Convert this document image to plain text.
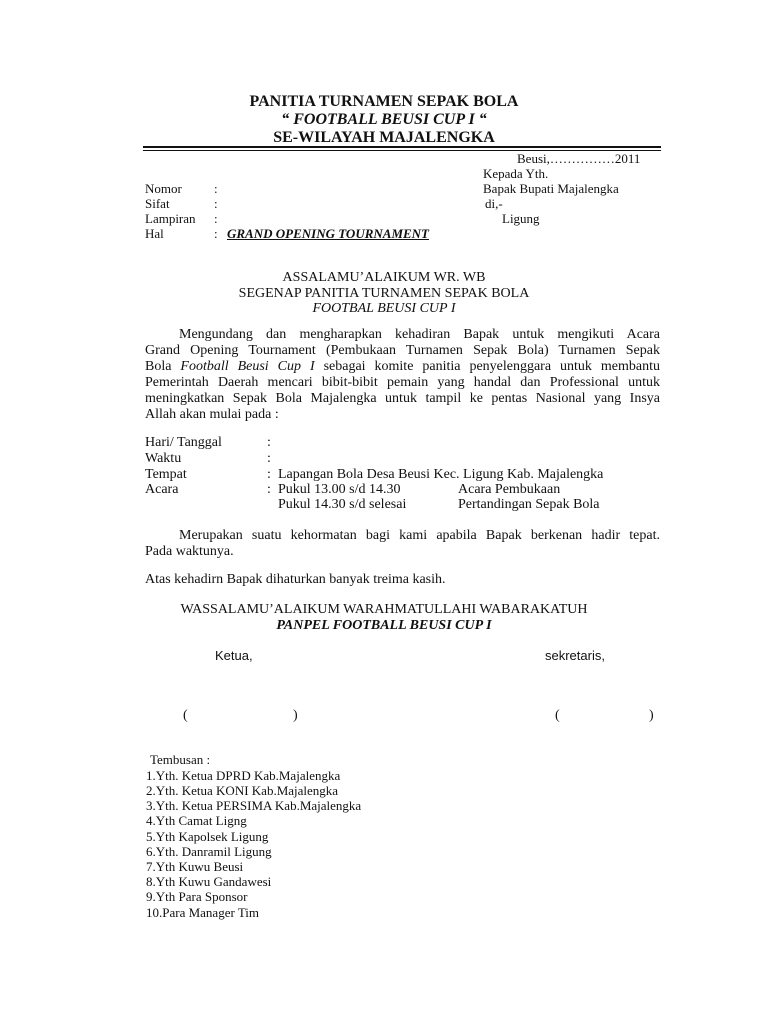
PANITIA TURNAMEN SEPAK BOLA
“ FOOTBALL BEUSI CUP I “
SE-WILAYAH MAJALENGKA
Beusi,……………2011
Kepada Yth.
Bapak Bupati Majalengka
di,-
Ligung
Nomor :
Sifat	:
Lampiran :
Hal	: GRAND OPENING TOURNAMENT
ASSALAMU’ALAIKUM WR. WB
SEGENAP PANITIA TURNAMEN SEPAK BOLA
FOOTBAL BEUSI CUP I
Mengundang dan mengharapkan kehadiran Bapak untuk mengikuti Acara
Grand Opening Tournament (Pembukaan Turnamen Sepak Bola) Turnamen Sepak
Bola Football Beusi Cup I sebagai komite panitia penyelenggara untuk membantu
Pemerintah Daerah mencari bibit-bibit pemain yang handal dan Professional untuk
meningkatkan Sepak Bola Majalengka untuk tampil ke pentas Nasional yang Insya
Allah akan mulai pada :
Hari/ Tanggal	:
Waktu	:
Tempat	: Lapangan Bola Desa Beusi Kec. Ligung Kab. Majalengka
Acara	: Pukul 13.00 s/d 14.30	Acara Pembukaan
Pukul 14.30 s/d selesai	Pertandingan Sepak Bola
Merupakan suatu kehormatan bagi kami apabila Bapak berkenan hadir tepat.
Pada waktunya.
Atas kehadirn Bapak dihaturkan banyak treima kasih.
WASSALAMU’ALAIKUM WARAHMATULLAHI WABARAKATUH
PANPEL FOOTBALL BEUSI CUP I
Ketua,	sekretaris,
(	)	(	)
Tembusan :
1.Yth. Ketua DPRD Kab.Majalengka
2.Yth. Ketua KONI Kab.Majalengka
3.Yth. Ketua PERSIMA Kab.Majalengka
4.Yth Camat Ligng
5.Yth Kapolsek Ligung
6.Yth. Danramil Ligung
7.Yth Kuwu Beusi
8.Yth Kuwu Gandawesi
9.Yth Para Sponsor
10.Para Manager Tim
